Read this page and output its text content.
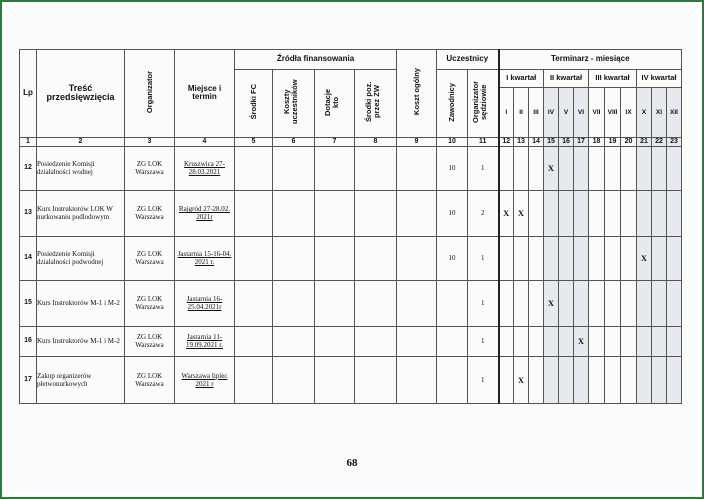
Lp	Treść przedsięwzięcia	Organizator	Miejsce i termin	Źródła finansowania				Koszt ogólny	Uczestnicy		Terminarz - miesiące											
				Środki FC	Koszty uczestników	Dotacje kto	Środki poz. przez ZW		Zawodnicy	Organizator sędziowie	I kwartał			II kwartał			III kwartał			IV kwartał		
											I	II	III	IV	V	VI	VII	VIII	IX	X	XI	XII
1	2	3	4	5	6	7	8	9	10	11	12	13	14	15	16	17	18	19	20	21	22	23
12	Posiedzenie Komisji działalności wodnej	ZG LOK Warszawa	Kruszwica 27-28.03.2021						10	1				X								
13	Kurs Instruktorów LOK W nurkowaniu podlodowym	ZG LOK Warszawa	Rajgród 27-28.02. 2021r						10	2	X	X										
14	Posiedzenie Komisji działalności podwodnej	ZG LOK Warszawa	Jastarnia 15-16-04. 2021 r.						10	1										X		
15	Kurs Instruktorów M-1 i M-2	ZG LOK Warszawa	Jastarnia 16-25.04.2021r							1				X								
16	Kurs Instruktorów M-1 i M-2	ZG LOK Warszawa	Jastarnia 11-19.09.2021 r.							1						X						
17	Zakup organizerów płetwonurkowych	ZG LOK Warszawa	Warszawa lipiec 2021 r							1		X										
68
